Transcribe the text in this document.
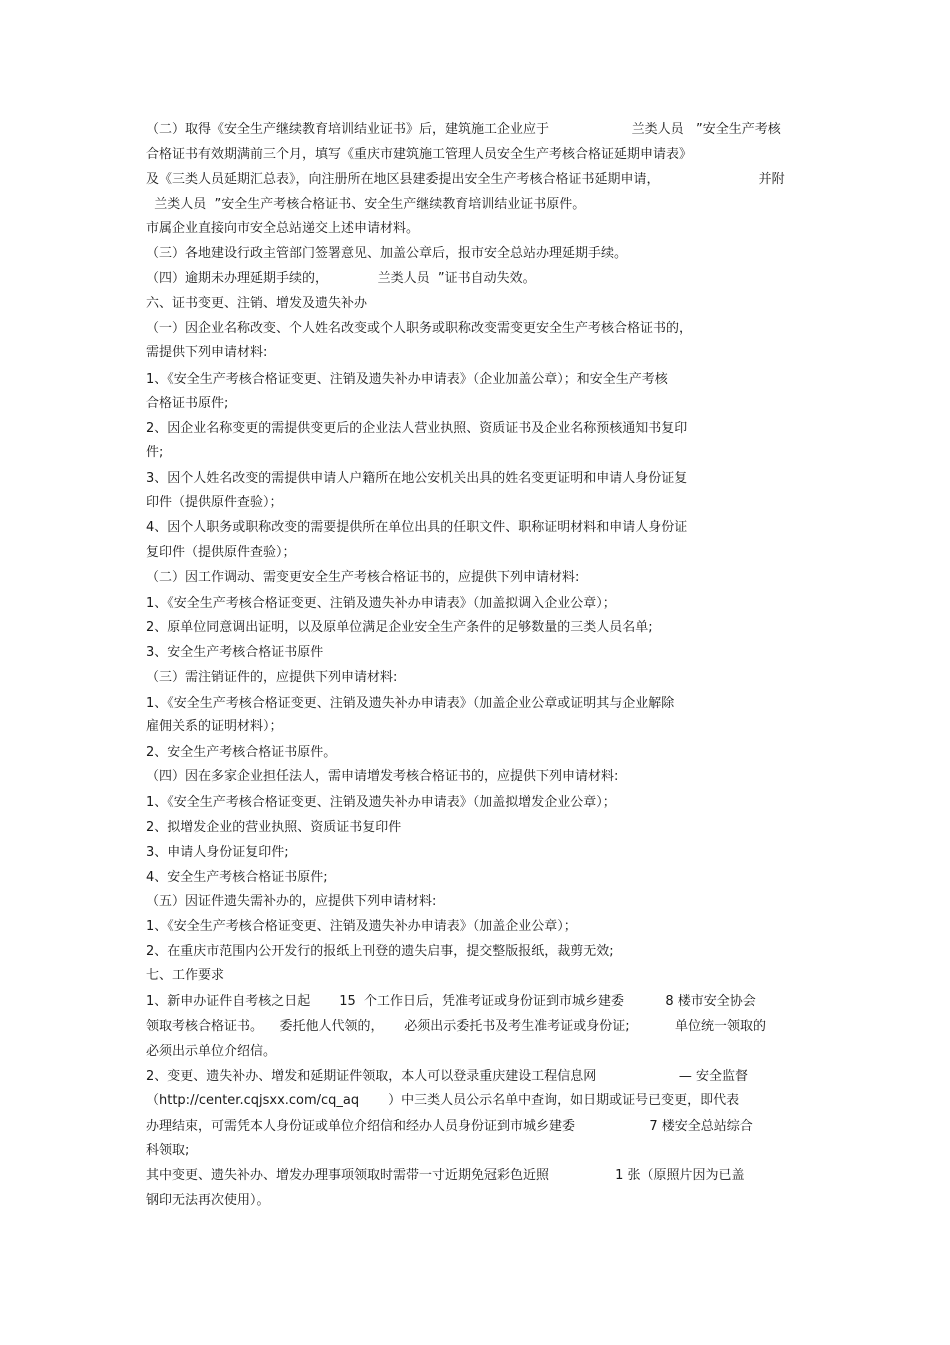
（二）取得《安全生产继续教育培训结业证书》后，建筑施工企业应于                    兰类人员   ”安全生产考核
合格证书有效期满前三个月，填写《重庆市建筑施工管理人员安全生产考核合格证延期申请表》
及《三类人员延期汇总表》，向注册所在地区县建委提出安全生产考核合格证书延期申请，                        并附
兰类人员  ”安全生产考核合格证书、安全生产继续教育培训结业证书原件。
市属企业直接向市安全总站递交上述申请材料。
（三）各地建设行政主管部门签署意见、加盖公章后，报市安全总站办理延期手续。
（四）逾期未办理延期手续的，            兰类人员  ”证书自动失效。
六、证书变更、注销、增发及遗失补办
（一）因企业名称改变、个人姓名改变或个人职务或职称改变需变更安全生产考核合格证书的，
需提供下列申请材料:
1、《安全生产考核合格证变更、注销及遗失补办申请表》（企业加盖公章）；和安全生产考核
合格证书原件;
2、因企业名称变更的需提供变更后的企业法人营业执照、资质证书及企业名称预核通知书复印
件;
3、因个人姓名改变的需提供申请人户籍所在地公安机关出具的姓名变更证明和申请人身份证复
印件（提供原件查验）；
4、因个人职务或职称改变的需要提供所在单位出具的任职文件、职称证明材料和申请人身份证
复印件（提供原件查验）；
（二）因工作调动、需变更安全生产考核合格证书的，应提供下列申请材料:
1、《安全生产考核合格证变更、注销及遗失补办申请表》（加盖拟调入企业公章）；
2、原单位同意调出证明，以及原单位满足企业安全生产条件的足够数量的三类人员名单;
3、安全生产考核合格证书原件
（三）需注销证件的，应提供下列申请材料:
1、《安全生产考核合格证变更、注销及遗失补办申请表》（加盖企业公章或证明其与企业解除
雇佣关系的证明材料）；
2、安全生产考核合格证书原件。
（四）因在多家企业担任法人，需申请增发考核合格证书的，应提供下列申请材料:
1、《安全生产考核合格证变更、注销及遗失补办申请表》（加盖拟增发企业公章）；
2、拟增发企业的营业执照、资质证书复印件
3、申请人身份证复印件;
4、安全生产考核合格证书原件;
（五）因证件遗失需补办的，应提供下列申请材料:
1、《安全生产考核合格证变更、注销及遗失补办申请表》（加盖企业公章）；
2、在重庆市范围内公开发行的报纸上刊登的遗失启事，提交整版报纸，裁剪无效;
七、工作要求
1、新申办证件自考核之日起       15  个工作日后，凭准考证或身份证到市城乡建委          8 楼市安全协会
领取考核合格证书。    委托他人代领的，     必须出示委托书及考生准考证或身份证;           单位统一领取的
必须出示单位介绍信。
2、变更、遗失补办、增发和延期证件领取，本人可以登录重庆建设工程信息网                    — 安全监督
（http://center.cqjsxx.com/cq_aq       ）中三类人员公示名单中查询，如日期或证号已变更，即代表
办理结束，可需凭本人身份证或单位介绍信和经办人员身份证到市城乡建委                  7 楼安全总站综合
科领取;
其中变更、遗失补办、增发办理事项领取时需带一寸近期免冠彩色近照                1 张（原照片因为已盖
钢印无法再次使用）。
